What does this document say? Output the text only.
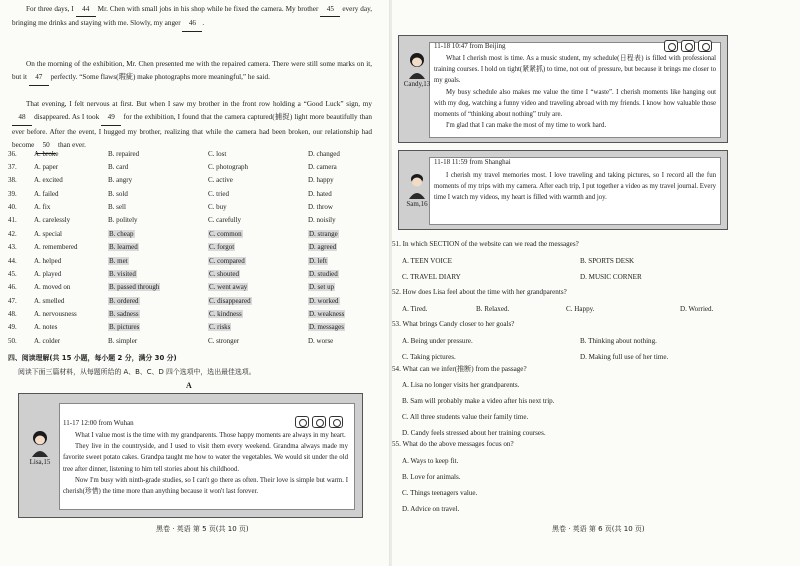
For three days, I 44 Mr. Chen with small jobs in his shop while he fixed the camera. My brother 45 every day, bringing me drinks and staying with me. Slowly, my anger 46 .
On the morning of the exhibition, Mr. Chen presented me with the repaired camera. There were still some marks on it, but it 47 perfectly. “Some flaws(瑕疵) make photographs more meaningful,” he said.
That evening, I felt nervous at first. But when I saw my brother in the front row holding a “Good Luck” sign, my 48 disappeared. As I took 49 for the exhibition, I found that the camera captured(捕捉) light more beautifully than ever before. After the event, I hugged my brother, realizing that while the camera had been broken, our relationship had become 50 than ever.
36.	A. broke	B. repaired	C. lost	D. changed
37.	A. paper	B. card	C. photograph	D. camera
38.	A. excited	B. angry	C. active	D. happy
39.	A. failed	B. sold	C. tried	D. hated
40.	A. fix	B. sell	C. buy	D. throw
41.	A. carelessly	B. politely	C. carefully	D. noisily
42.	A. special	B. cheap	C. common	D. strange
43.	A. remembered	B. learned	C. forgot	D. agreed
44.	A. helped	B. met	C. compared	D. left
45.	A. played	B. visited	C. shouted	D. studied
46.	A. moved on	B. passed through	C. went away	D. set up
47.	A. smelled	B. ordered	C. disappeared	D. worked
48.	A. nervousness	B. sadness	C. kindness	D. weakness
49.	A. notes	B. pictures	C. risks	D. messages
50.	A. colder	B. simpler	C. stronger	D. worse
四、阅读理解(共 15 小题，每小题 2 分，满分 30 分)
阅读下面三篇材料，从每题所给的 A、B、C、D 四个选项中，选出最佳选项。
A
Lisa,15
11-17 12:00 from Wuhan

What I value most is the time with my grandparents. Those happy moments are always in my heart.

They live in the countryside, and I used to visit them every weekend. Grandma always made my favorite sweet potato cakes. Grandpa taught me how to water the vegetables. We would sit under the old tree after dinner, listening to him tell stories about his childhood.

Now I'm busy with ninth-grade studies, so I can't go there as often. Their love is simple but warm. I cherish(珍惜) the time more than anything because it won't last forever.

Candy,13
11-18 10:47 from Beijing

What I cherish most is time. As a music student, my schedule(日程表) is filled with professional training courses. I hold on tight(紧紧抓) to time, not out of pressure, but because it brings me closer to my goals.

My busy schedule also makes me value the time I “waste”. I cherish moments like hanging out with my dog, watching a funny video and traveling abroad with my friends. I know how valuable those moments of “thinking about nothing” truly are.

I'm glad that I can make the most of my time to work hard.

Sam,16
11-18 11:59 from Shanghai

I cherish my travel memories most. I love traveling and taking pictures, so I record all the fun moments of my trips with my camera. After each trip, I put together a video as my travel journal. Every time I watch my videos, my heart is filled with warmth and joy.

51. In which SECTION of the website can we read the messages?
A. TEEN VOICE	B. SPORTS DESK
C. TRAVEL DIARY	D. MUSIC CORNER
52. How does Lisa feel about the time with her grandparents?
A. Tired.	B. Relaxed.	C. Happy.	D. Worried.
53. What brings Candy closer to her goals?
A. Being under pressure.	B. Thinking about nothing.
C. Taking pictures.	D. Making full use of her time.
54. What can we infer(推断) from the passage?
A. Lisa no longer visits her grandparents.
B. Sam will probably make a video after his next trip.
C. All three students value their family time.
D. Candy feels stressed about her training courses.
55. What do the above messages focus on?
A. Ways to keep fit.
B. Love for animals.
C. Things teenagers value.
D. Advice on travel.
黑卷 · 英语 第 5 页(共 10 页)	黑卷 · 英语 第 6 页(共 10 页)
